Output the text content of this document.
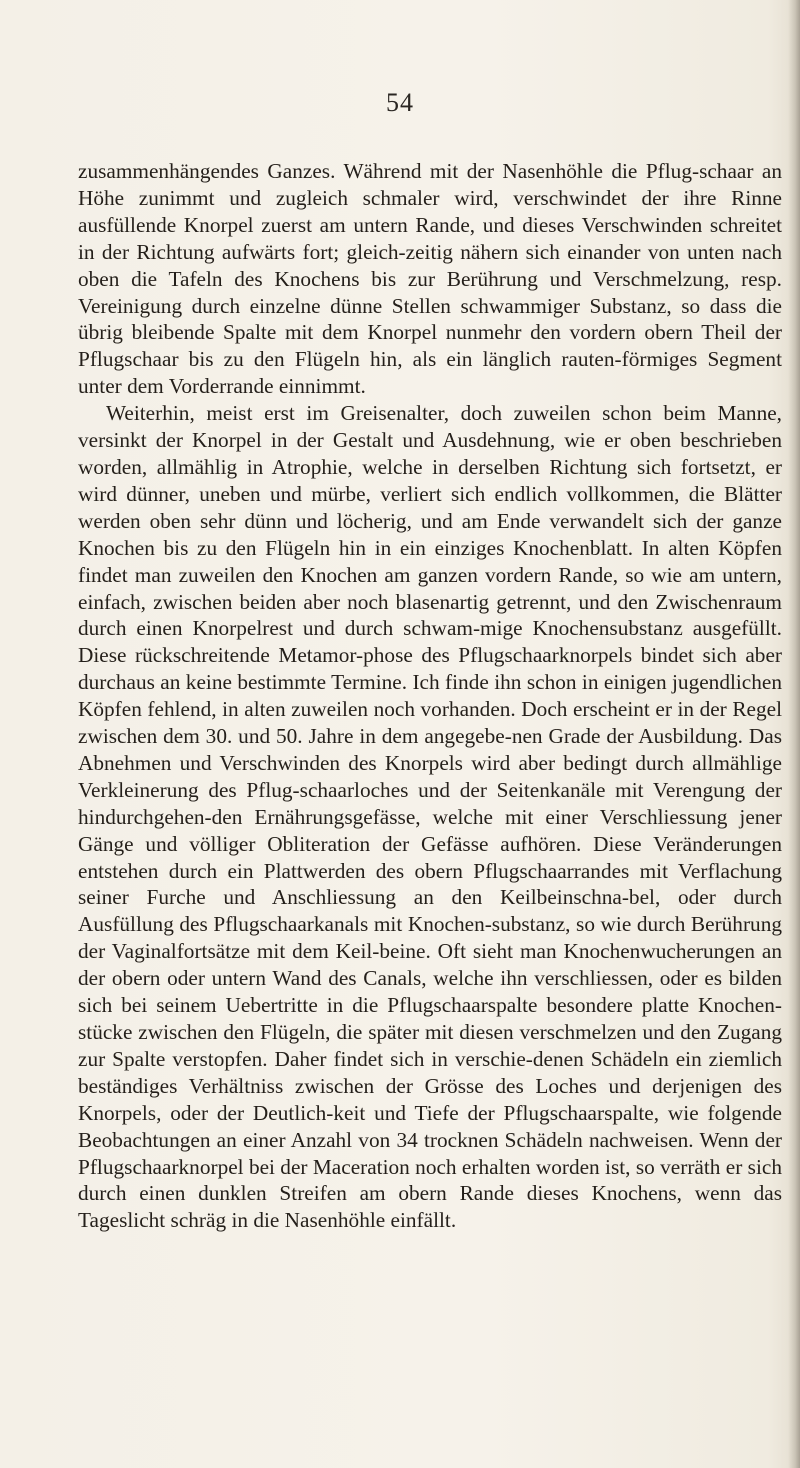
54

zusammenhängendes Ganzes. Während mit der Nasenhöhle die Pflug-schaar an Höhe zunimmt und zugleich schmaler wird, verschwindet der ihre Rinne ausfüllende Knorpel zuerst am untern Rande, und dieses Verschwinden schreitet in der Richtung aufwärts fort; gleich-zeitig nähern sich einander von unten nach oben die Tafeln des Knochens bis zur Berührung und Verschmelzung, resp. Vereinigung durch einzelne dünne Stellen schwammiger Substanz, so dass die übrig bleibende Spalte mit dem Knorpel nunmehr den vordern obern Theil der Pflugschaar bis zu den Flügeln hin, als ein länglich rauten-förmiges Segment unter dem Vorderrande einnimmt.

Weiterhin, meist erst im Greisenalter, doch zuweilen schon beim Manne, versinkt der Knorpel in der Gestalt und Ausdehnung, wie er oben beschrieben worden, allmählig in Atrophie, welche in derselben Richtung sich fortsetzt, er wird dünner, uneben und mürbe, verliert sich endlich vollkommen, die Blätter werden oben sehr dünn und löcherig, und am Ende verwandelt sich der ganze Knochen bis zu den Flügeln hin in ein einziges Knochenblatt. In alten Köpfen findet man zuweilen den Knochen am ganzen vordern Rande, so wie am untern, einfach, zwischen beiden aber noch blasenartig getrennt, und den Zwischenraum durch einen Knorpelrest und durch schwam-mige Knochensubstanz ausgefüllt. Diese rückschreitende Metamor-phose des Pflugschaarknorpels bindet sich aber durchaus an keine bestimmte Termine. Ich finde ihn schon in einigen jugendlichen Köpfen fehlend, in alten zuweilen noch vorhanden. Doch erscheint er in der Regel zwischen dem 30. und 50. Jahre in dem angegebe-nen Grade der Ausbildung. Das Abnehmen und Verschwinden des Knorpels wird aber bedingt durch allmählige Verkleinerung des Pflug-schaarloches und der Seitenkanäle mit Verengung der hindurchgehen-den Ernährungsgefässe, welche mit einer Verschliessung jener Gänge und völliger Obliteration der Gefässe aufhören. Diese Veränderungen entstehen durch ein Plattwerden des obern Pflugschaarrandes mit Verflachung seiner Furche und Anschliessung an den Keilbeinschna-bel, oder durch Ausfüllung des Pflugschaarkanals mit Knochen-substanz, so wie durch Berührung der Vaginalfortsätze mit dem Keil-beine. Oft sieht man Knochenwucherungen an der obern oder untern Wand des Canals, welche ihn verschliessen, oder es bilden sich bei seinem Uebertritte in die Pflugschaarspalte besondere platte Knochen-stücke zwischen den Flügeln, die später mit diesen verschmelzen und den Zugang zur Spalte verstopfen. Daher findet sich in verschie-denen Schädeln ein ziemlich beständiges Verhältniss zwischen der Grösse des Loches und derjenigen des Knorpels, oder der Deutlich-keit und Tiefe der Pflugschaarspalte, wie folgende Beobachtungen an einer Anzahl von 34 trocknen Schädeln nachweisen. Wenn der Pflugschaarknorpel bei der Maceration noch erhalten worden ist, so verräth er sich durch einen dunklen Streifen am obern Rande dieses Knochens, wenn das Tageslicht schräg in die Nasenhöhle einfällt.
